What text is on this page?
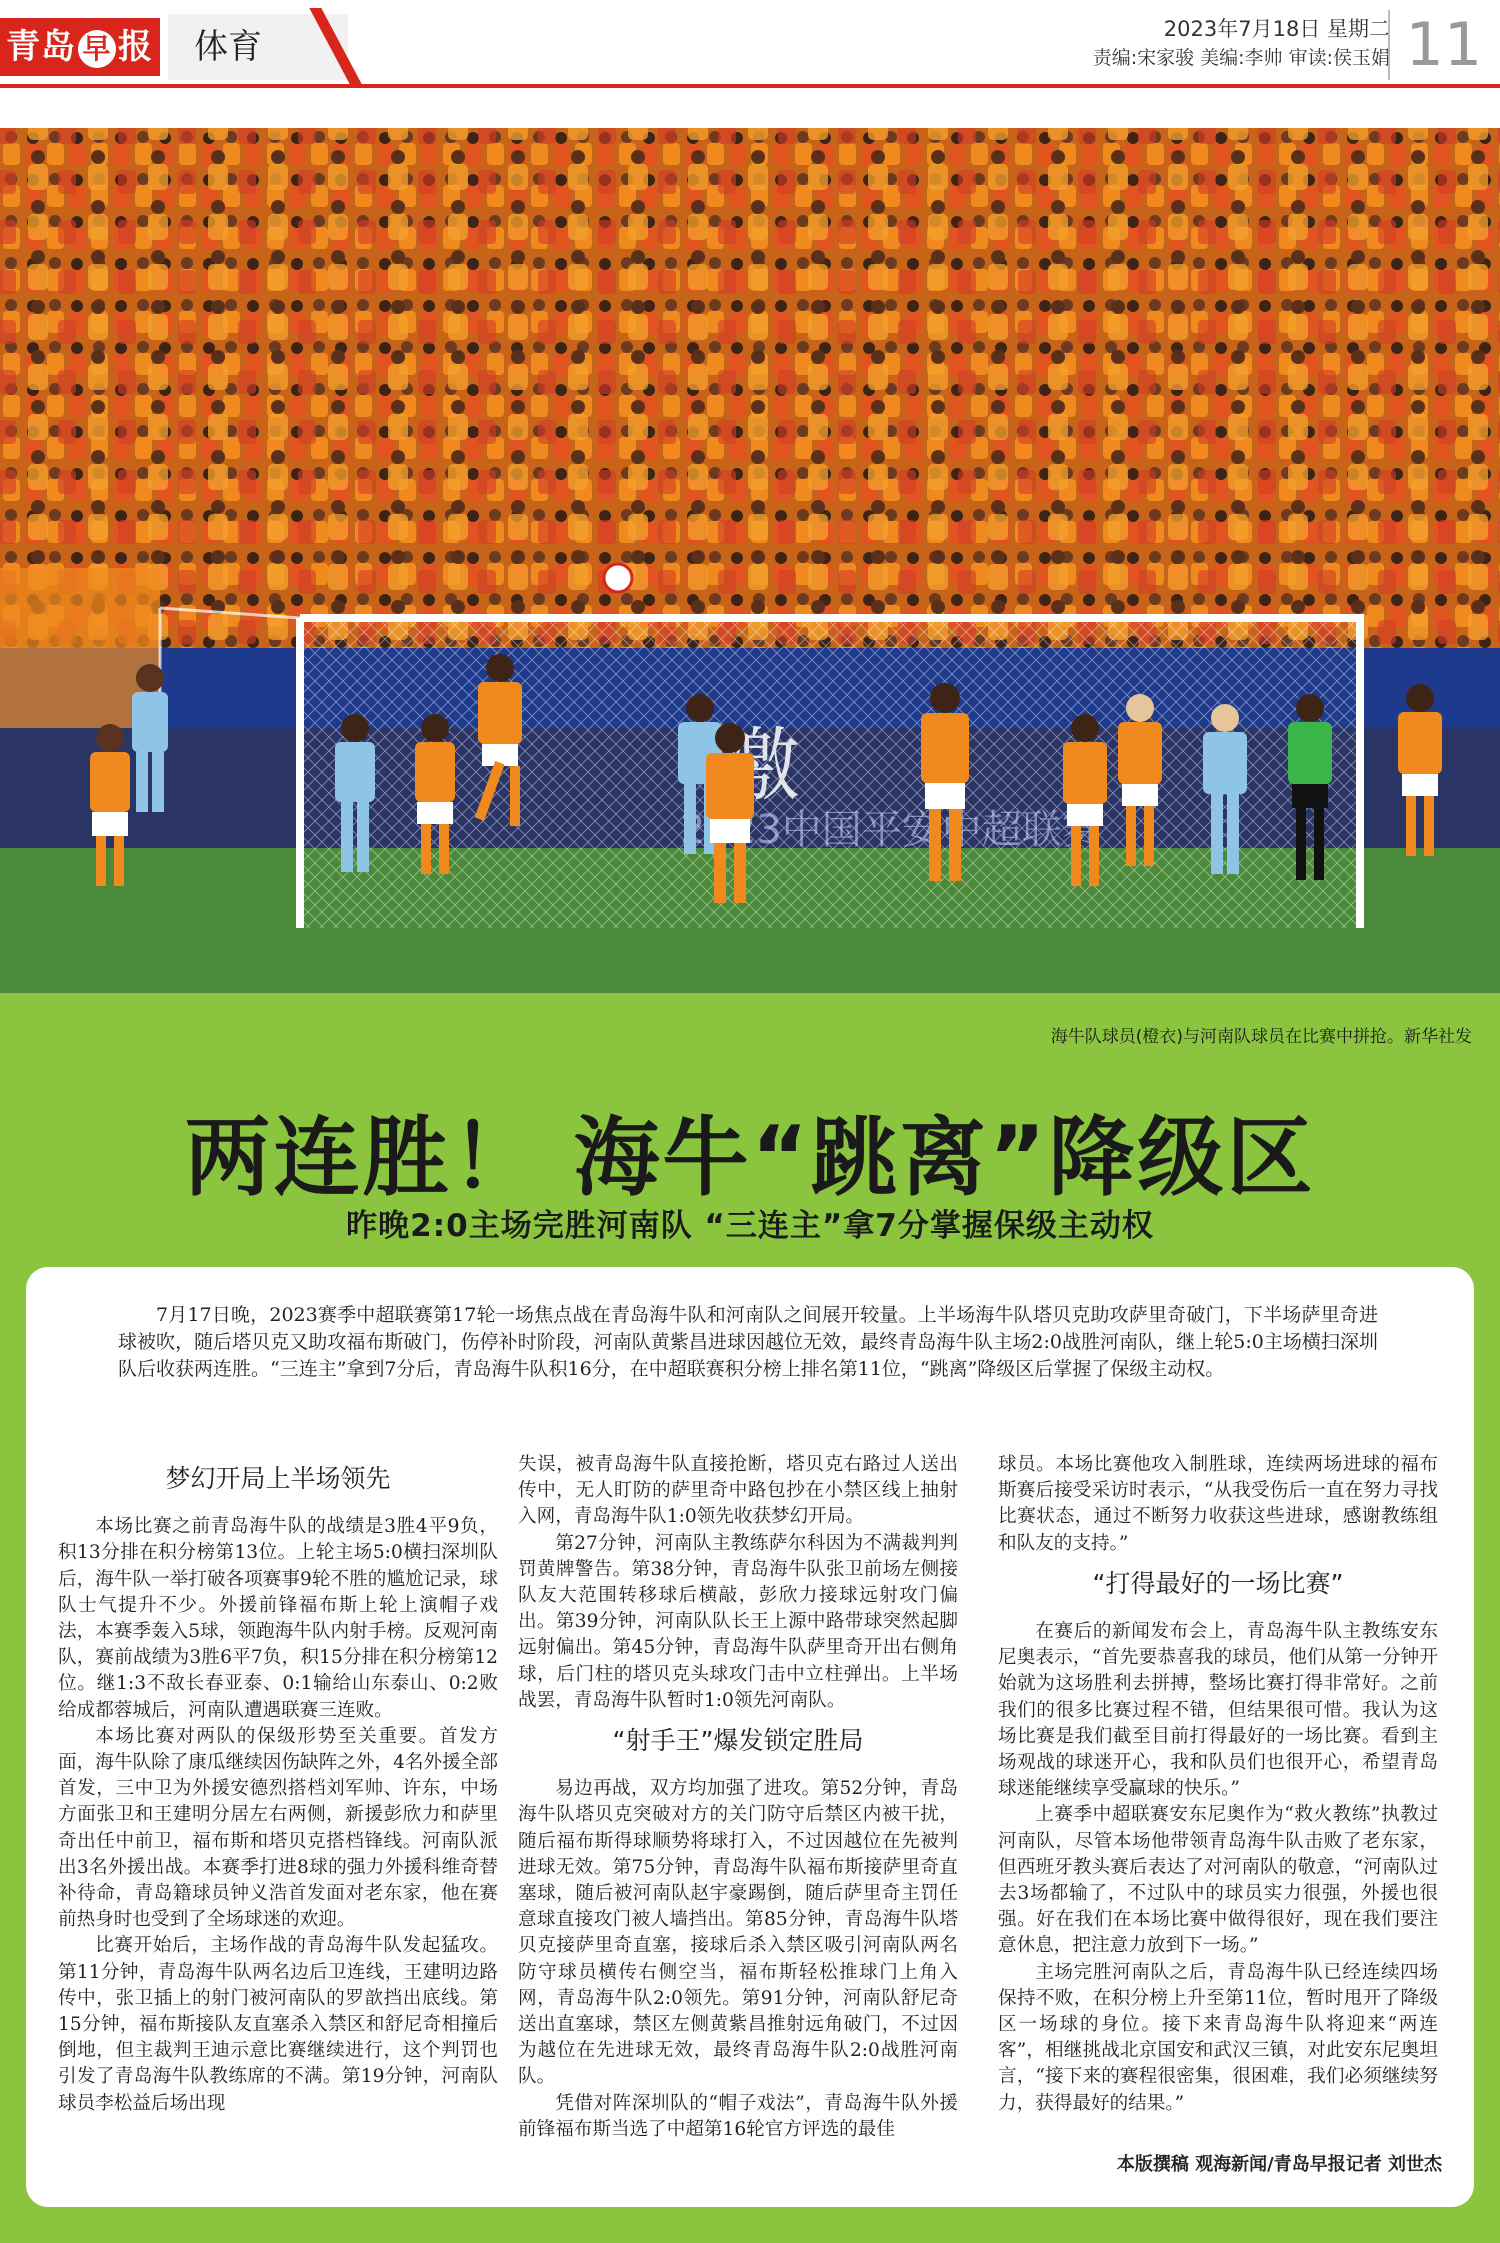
青岛 早 报	体育	2023年7月18日 星期二
责编:宋家骏 美编:李帅 审读:侯玉娟 11
海牛队球员(橙衣)与河南队球员在比赛中拼抢。新华社发
两连胜！ 海牛“跳离”降级区
昨晚2:0主场完胜河南队 “三连主”拿7分掌握保级主动权

7月17日晚，2023赛季中超联赛第17轮一场焦点战在青岛海牛队和河南队之间展开较量。上半场海牛队塔贝克助攻萨里奇破门，下半场萨里奇进球被吹，随后塔贝克又助攻福布斯破门，伤停补时阶段，河南队黄紫昌进球因越位无效，最终青岛海牛队主场2:0战胜河南队，继上轮5:0主场横扫深圳队后收获两连胜。“三连主”拿到7分后，青岛海牛队积16分，在中超联赛积分榜上排名第11位，“跳离”降级区后掌握了保级主动权。

梦幻开局上半场领先

本场比赛之前青岛海牛队的战绩是3胜4平9负，积13分排在积分榜第13位。上轮主场5:0横扫深圳队后，海牛队一举打破各项赛事9轮不胜的尴尬记录，球队士气提升不少。外援前锋福布斯上轮上演帽子戏法，本赛季轰入5球，领跑海牛队内射手榜。反观河南队，赛前战绩为3胜6平7负，积15分排在积分榜第12位。继1:3不敌长春亚泰、0:1输给山东泰山、0:2败给成都蓉城后，河南队遭遇联赛三连败。

本场比赛对两队的保级形势至关重要。首发方面，海牛队除了康瓜继续因伤缺阵之外，4名外援全部首发，三中卫为外援安德烈搭档刘军帅、许东，中场方面张卫和王建明分居左右两侧，新援彭欣力和萨里奇出任中前卫，福布斯和塔贝克搭档锋线。河南队派出3名外援出战。本赛季打进8球的强力外援科维奇替补待命，青岛籍球员钟义浩首发面对老东家，他在赛前热身时也受到了全场球迷的欢迎。

比赛开始后，主场作战的青岛海牛队发起猛攻。第11分钟，青岛海牛队两名边后卫连线，王建明边路传中，张卫插上的射门被河南队的罗歆挡出底线。第15分钟，福布斯接队友直塞杀入禁区和舒尼奇相撞后倒地，但主裁判王迪示意比赛继续进行，这个判罚也引发了青岛海牛队教练席的不满。第19分钟，河南队球员李松益后场出现

失误，被青岛海牛队直接抢断，塔贝克右路过人送出传中，无人盯防的萨里奇中路包抄在小禁区线上抽射入网，青岛海牛队1:0领先收获梦幻开局。

第27分钟，河南队主教练萨尔科因为不满裁判判罚黄牌警告。第38分钟，青岛海牛队张卫前场左侧接队友大范围转移球后横敲，彭欣力接球远射攻门偏出。第39分钟，河南队队长王上源中路带球突然起脚远射偏出。第45分钟，青岛海牛队萨里奇开出右侧角球，后门柱的塔贝克头球攻门击中立柱弹出。上半场战罢，青岛海牛队暂时1:0领先河南队。

“射手王”爆发锁定胜局

易边再战，双方均加强了进攻。第52分钟，青岛海牛队塔贝克突破对方的关门防守后禁区内被干扰，随后福布斯得球顺势将球打入，不过因越位在先被判进球无效。第75分钟，青岛海牛队福布斯接萨里奇直塞球，随后被河南队赵宇豪踢倒，随后萨里奇主罚任意球直接攻门被人墙挡出。第85分钟，青岛海牛队塔贝克接萨里奇直塞，接球后杀入禁区吸引河南队两名防守球员横传右侧空当，福布斯轻松推球门上角入网，青岛海牛队2:0领先。第91分钟，河南队舒尼奇送出直塞球，禁区左侧黄紫昌推射远角破门，不过因为越位在先进球无效，最终青岛海牛队2:0战胜河南队。

凭借对阵深圳队的“帽子戏法”，青岛海牛队外援前锋福布斯当选了中超第16轮官方评选的最佳

球员。本场比赛他攻入制胜球，连续两场进球的福布斯赛后接受采访时表示，“从我受伤后一直在努力寻找比赛状态，通过不断努力收获这些进球，感谢教练组和队友的支持。”

“打得最好的一场比赛”

在赛后的新闻发布会上，青岛海牛队主教练安东尼奥表示，“首先要恭喜我的球员，他们从第一分钟开始就为这场胜利去拼搏，整场比赛打得非常好。之前我们的很多比赛过程不错，但结果很可惜。我认为这场比赛是我们截至目前打得最好的一场比赛。看到主场观战的球迷开心，我和队员们也很开心，希望青岛球迷能继续享受赢球的快乐。”

上赛季中超联赛安东尼奥作为“救火教练”执教过河南队，尽管本场他带领青岛海牛队击败了老东家，但西班牙教头赛后表达了对河南队的敬意，“河南队过去3场都输了，不过队中的球员实力很强，外援也很强。好在我们在本场比赛中做得很好，现在我们要注意休息，把注意力放到下一场。”

主场完胜河南队之后，青岛海牛队已经连续四场保持不败，在积分榜上升至第11位，暂时甩开了降级区一场球的身位。接下来青岛海牛队将迎来“两连客”，相继挑战北京国安和武汉三镇，对此安东尼奥坦言，“接下来的赛程很密集，很困难，我们必须继续努力，获得最好的结果。”

本版撰稿 观海新闻/青岛早报记者 刘世杰
